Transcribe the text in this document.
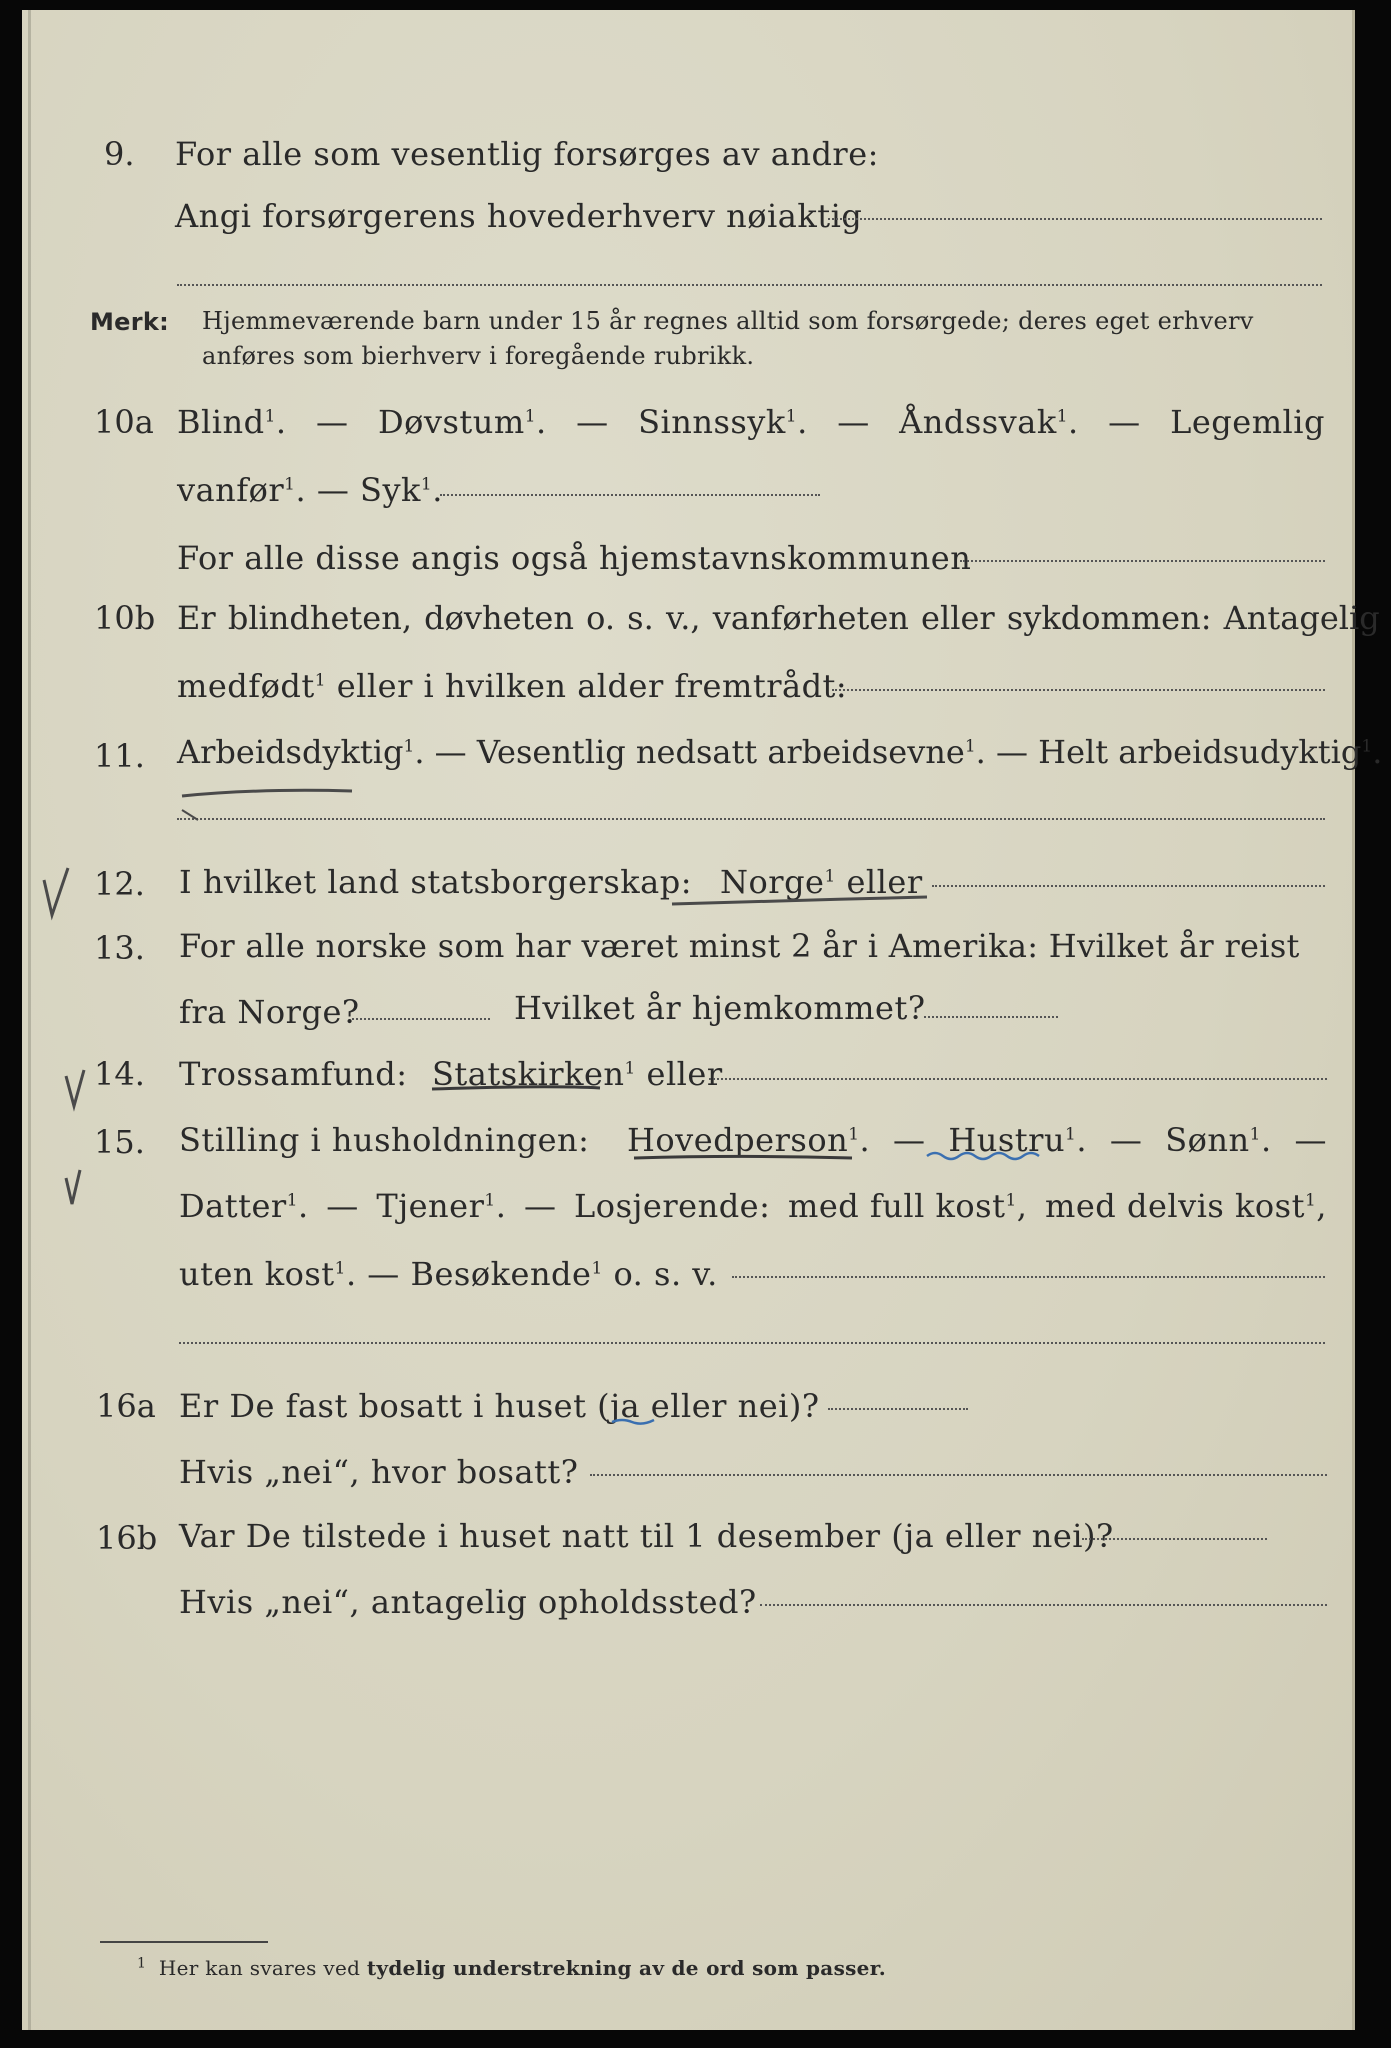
9. For alle som vesentlig forsørges av andre:
Angi forsørgerens hovederhverv nøiaktig
Merk: Hjemmeværende barn under 15 år regnes alltid som forsørgede; deres eget erhverv
anføres som bierhverv i foregående rubrikk.
10a Blind$^1$. — Døvstum$^1$. — Sinnssyk$^1$. — Åndssvak$^1$. — Legemlig
vanfør$^1$. — Syk$^1$.
For alle disse angis også hjemstavnskommunen
10b Er blindheten, døvheten o. s. v., vanførheten eller sykdommen: Antagelig
medfødt$^1$ eller i hvilken alder fremtrådt:
11. Arbeidsdyktig$^1$. — Vesentlig nedsatt arbeidsevne$^1$. — Helt arbeidsudyktig$^1$.
12. I hvilket land statsborgerskap: Norge$^1$ eller
13. For alle norske som har været minst 2 år i Amerika: Hvilket år reist
fra Norge?	Hvilket år hjemkommet?
14. Trossamfund: Statskirken$^1$ eller
15. Stilling i husholdningen: Hovedperson$^1$. — Hustru$^1$. — Sønn$^1$. —
Datter$^1$. — Tjener$^1$. — Losjerende: med full kost$^1$, med delvis kost$^1$,
uten kost$^1$. — Besøkende$^1$ o. s. v.
16a Er De fast bosatt i huset (ja eller nei)?
Hvis „nei“, hvor bosatt?
16b Var De tilstede i huset natt til 1 desember (ja eller nei)?
Hvis „nei“, antagelig opholdssted?
$^1$ Her kan svares ved tydelig understrekning av de ord som passer.
